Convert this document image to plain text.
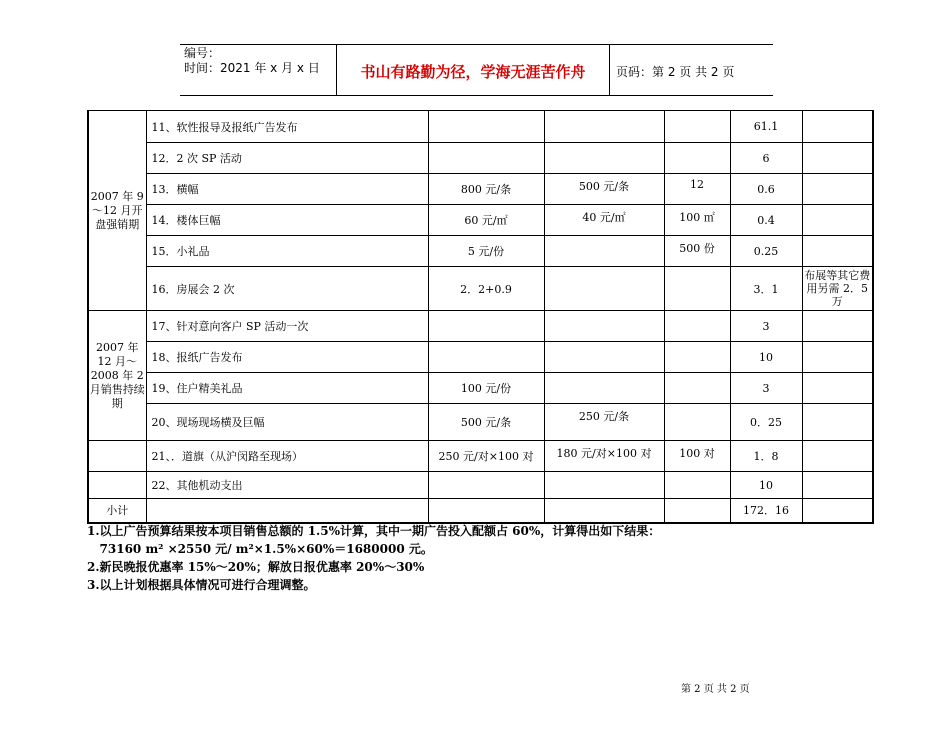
编号：
时间：2021 年 x 月 x 日	书山有路勤为径，学海无涯苦作舟	页码：第 2 页 共 2 页
2007 年 9～12 月开盘强销期	11、软性报导及报纸广告发布				61.1	
	12．2 次 SP 活动				6	
	13．横幅	800 元/条	500 元/条	12	0.6	
	14．楼体巨幅	60 元/㎡	40 元/㎡	100 ㎡	0.4	
	15．小礼品	5 元/份		500 份	0.25	
	16．房展会 2 次	2．2+0.9			3．1	布展等其它费用另需 2．5 万
2007 年 12 月～2008 年 2 月销售持续期	17、针对意向客户 SP 活动一次				3	
	18、报纸广告发布				10	
	19、住户精美礼品	100 元/份			3	
	20、现场现场横及巨幅	500 元/条	250 元/条		0．25	
	21、．道旗（从沪闵路至现场）	250 元/对×100 对	180 元/对×100 对	100 对	1．8	
	22、其他机动支出				10	
小计					172．16	
1.以上广告预算结果按本项目销售总额的 1.5%计算，其中一期广告投入配额占 60%，计算得出如下结果：
73160 m² ×2550 元/ m²×1.5%×60%＝1680000 元。
2.新民晚报优惠率 15%～20%；解放日报优惠率 20%～30%
3.以上计划根据具体情况可进行合理调整。
第 2 页 共 2 页
